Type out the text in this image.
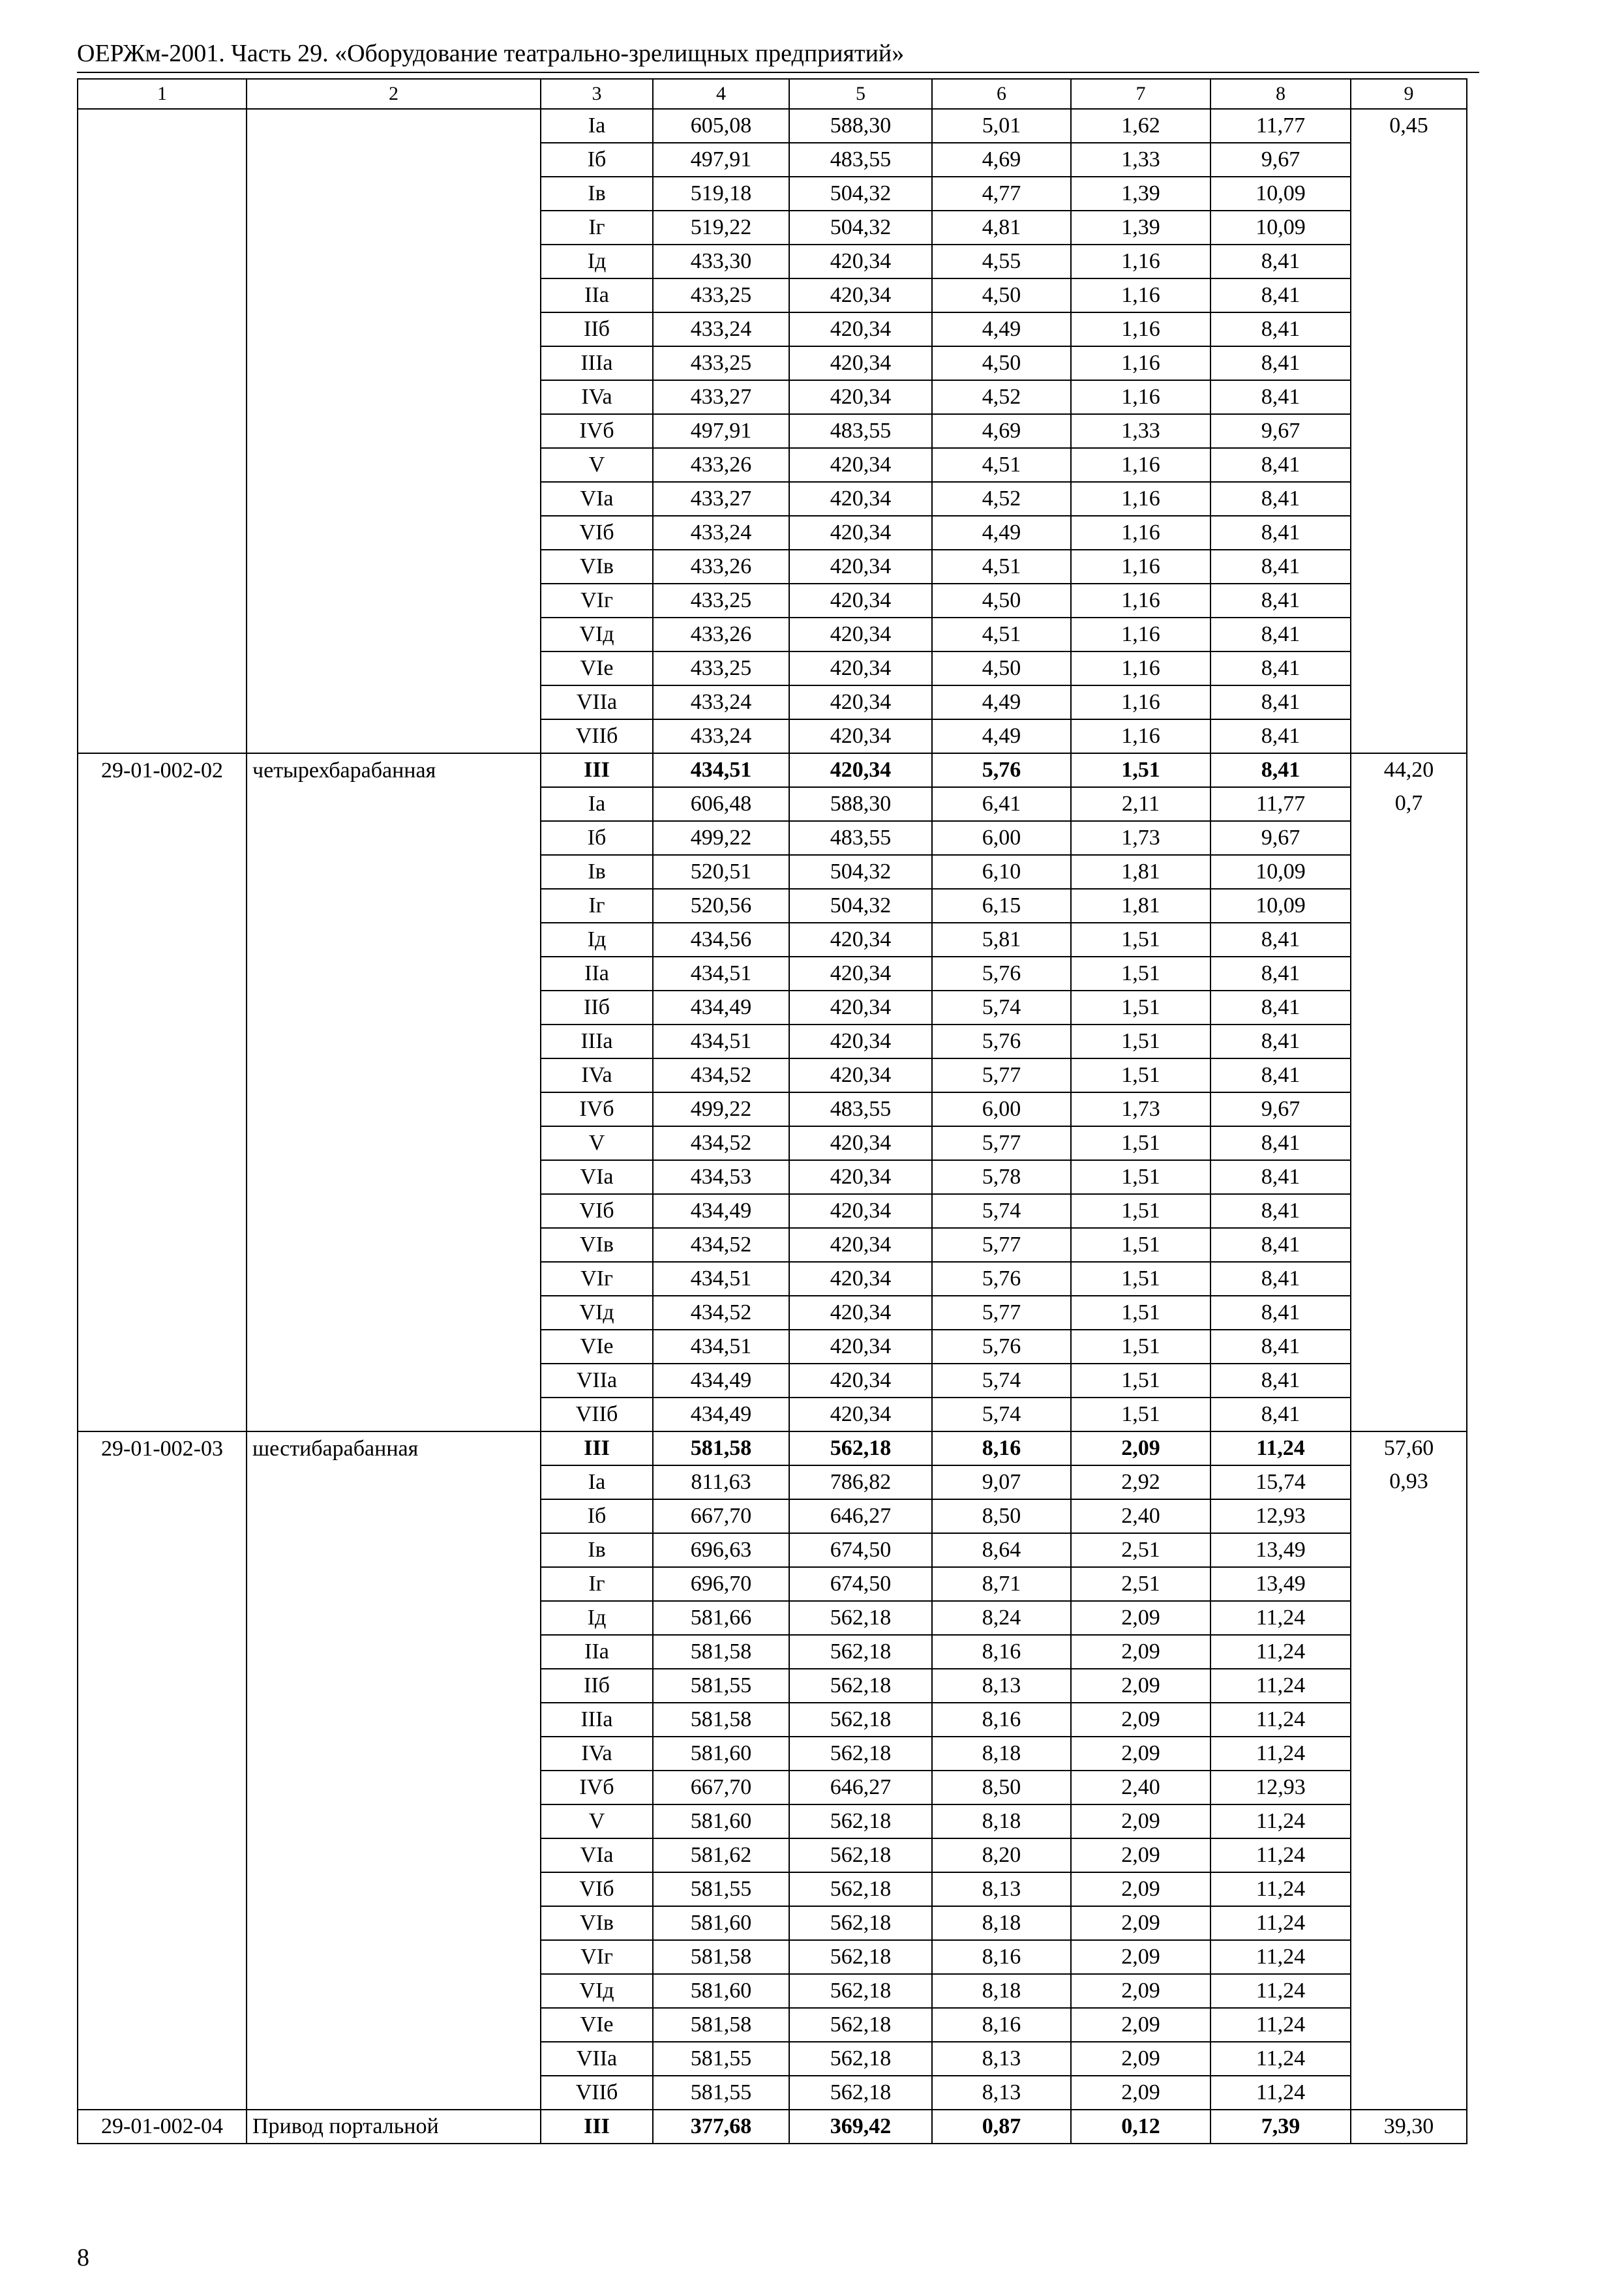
ОЕРЖм-2001. Часть 29. «Оборудование театрально-зрелищных предприятий»
1	2	3	4	5	6	7	8	9
		Ia	605,08	588,30	5,01	1,62	11,77	0,45
		Iб	497,91	483,55	4,69	1,33	9,67	
		Iв	519,18	504,32	4,77	1,39	10,09	
		Iг	519,22	504,32	4,81	1,39	10,09	
		Iд	433,30	420,34	4,55	1,16	8,41	
		IIa	433,25	420,34	4,50	1,16	8,41	
		IIб	433,24	420,34	4,49	1,16	8,41	
		IIIa	433,25	420,34	4,50	1,16	8,41	
		IVa	433,27	420,34	4,52	1,16	8,41	
		IVб	497,91	483,55	4,69	1,33	9,67	
		V	433,26	420,34	4,51	1,16	8,41	
		VIa	433,27	420,34	4,52	1,16	8,41	
		VIб	433,24	420,34	4,49	1,16	8,41	
		VIв	433,26	420,34	4,51	1,16	8,41	
		VIг	433,25	420,34	4,50	1,16	8,41	
		VIд	433,26	420,34	4,51	1,16	8,41	
		VIe	433,25	420,34	4,50	1,16	8,41	
		VIIa	433,24	420,34	4,49	1,16	8,41	
		VIIб	433,24	420,34	4,49	1,16	8,41	
29-01-002-02	четырехбарабанная	III	434,51	420,34	5,76	1,51	8,41	44,20
		Ia	606,48	588,30	6,41	2,11	11,77	0,7
		Iб	499,22	483,55	6,00	1,73	9,67	
		Iв	520,51	504,32	6,10	1,81	10,09	
		Iг	520,56	504,32	6,15	1,81	10,09	
		Iд	434,56	420,34	5,81	1,51	8,41	
		IIa	434,51	420,34	5,76	1,51	8,41	
		IIб	434,49	420,34	5,74	1,51	8,41	
		IIIa	434,51	420,34	5,76	1,51	8,41	
		IVa	434,52	420,34	5,77	1,51	8,41	
		IVб	499,22	483,55	6,00	1,73	9,67	
		V	434,52	420,34	5,77	1,51	8,41	
		VIa	434,53	420,34	5,78	1,51	8,41	
		VIб	434,49	420,34	5,74	1,51	8,41	
		VIв	434,52	420,34	5,77	1,51	8,41	
		VIг	434,51	420,34	5,76	1,51	8,41	
		VIд	434,52	420,34	5,77	1,51	8,41	
		VIe	434,51	420,34	5,76	1,51	8,41	
		VIIa	434,49	420,34	5,74	1,51	8,41	
		VIIб	434,49	420,34	5,74	1,51	8,41	
29-01-002-03	шестибарабанная	III	581,58	562,18	8,16	2,09	11,24	57,60
		Ia	811,63	786,82	9,07	2,92	15,74	0,93
		Iб	667,70	646,27	8,50	2,40	12,93	
		Iв	696,63	674,50	8,64	2,51	13,49	
		Iг	696,70	674,50	8,71	2,51	13,49	
		Iд	581,66	562,18	8,24	2,09	11,24	
		IIa	581,58	562,18	8,16	2,09	11,24	
		IIб	581,55	562,18	8,13	2,09	11,24	
		IIIa	581,58	562,18	8,16	2,09	11,24	
		IVa	581,60	562,18	8,18	2,09	11,24	
		IVб	667,70	646,27	8,50	2,40	12,93	
		V	581,60	562,18	8,18	2,09	11,24	
		VIa	581,62	562,18	8,20	2,09	11,24	
		VIб	581,55	562,18	8,13	2,09	11,24	
		VIв	581,60	562,18	8,18	2,09	11,24	
		VIг	581,58	562,18	8,16	2,09	11,24	
		VIд	581,60	562,18	8,18	2,09	11,24	
		VIe	581,58	562,18	8,16	2,09	11,24	
		VIIa	581,55	562,18	8,13	2,09	11,24	
		VIIб	581,55	562,18	8,13	2,09	11,24	
29-01-002-04	Привод портальной	III	377,68	369,42	0,87	0,12	7,39	39,30
8
